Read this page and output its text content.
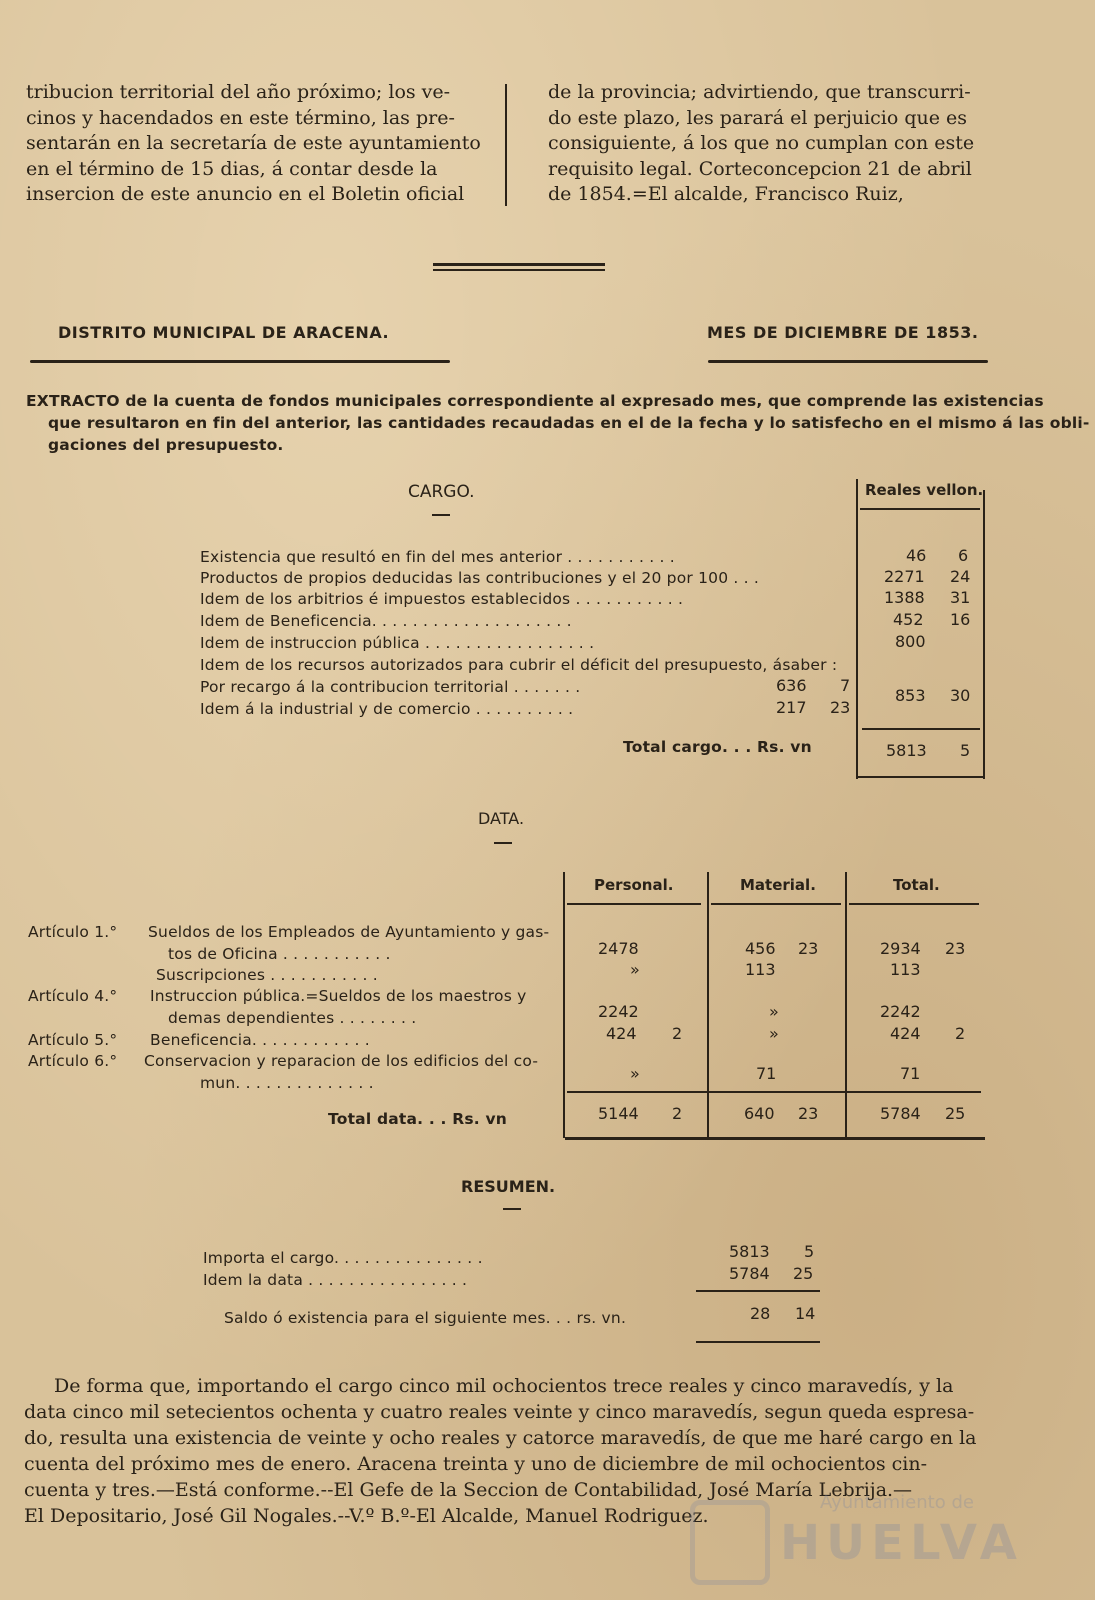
tribucion territorial del año próximo; los ve-
cinos y hacendados en este término, las pre-
sentarán en la secretaría de este ayuntamiento
en el término de 15 dias, á contar desde la
insercion de este anuncio en el Boletin oficial
de la provincia; advirtiendo, que transcurri-
do este plazo, les parará el perjuicio que es
consiguiente, á los que no cumplan con este
requisito legal. Corteconcepcion 21 de abril
de 1854.=El alcalde, Francisco Ruiz,
DISTRITO MUNICIPAL DE ARACENA.	MES DE DICIEMBRE DE 1853.
EXTRACTO de la cuenta de fondos municipales correspondiente al expresado mes, que comprende las existencias
que resultaron en fin del anterior, las cantidades recaudadas en el de la fecha y lo satisfecho en el mismo á las obli-
gaciones del presupuesto.
CARGO.	Reales vellon.
Existencia que resultó en fin del mes anterior . . . . . . . . . . .	46 6
Productos de propios deducidas las contribuciones y el 20 por 100 . . .	2271 24
Idem de los arbitrios é impuestos establecidos . . . . . . . . . . .	1388 31
Idem de Beneficencia. . . . . . . . . . . . . . . . . . . .	452 16
Idem de instruccion pública . . . . . . . . . . . . . . . . .	800
Idem de los recursos autorizados para cubrir el déficit del presupuesto, ásaber :
Por recargo á la contribucion territorial . . . . . . .	636 7
Idem á la industrial y de comercio . . . . . . . . . .	217 23
853 30
Total cargo. . . Rs. vn	5813 5
DATA.
Personal.	Material.	Total.
Artículo 1.° Sueldos de los Empleados de Ayuntamiento y gas-
tos de Oficina . . . . . . . . . . .	2478	456 23	2934 23
Suscripciones . . . . . . . . . . .	»	113	113
Artículo 4.° Instruccion pública.=Sueldos de los maestros y
demas dependientes . . . . . . . .	2242	»	2242
Artículo 5.° Beneficencia. . . . . . . . . . . .	424 2	»	424 2
Artículo 6.° Conservacion y reparacion de los edificios del co-
mun. . . . . . . . . . . . . .	»	71	71
Total data. . . Rs. vn	5144 2	640 23	5784 25
RESUMEN.
Importa el cargo. . . . . . . . . . . . . . .	5813 5
Idem la data . . . . . . . . . . . . . . . .	5784 25
Saldo ó existencia para el siguiente mes. . . rs. vn.	28 14
De forma que, importando el cargo cinco mil ochocientos trece reales y cinco maravedís, y la
data cinco mil setecientos ochenta y cuatro reales veinte y cinco maravedís, segun queda espresa-
do, resulta una existencia de veinte y ocho reales y catorce maravedís, de que me haré cargo en la
cuenta del próximo mes de enero. Aracena treinta y uno de diciembre de mil ochocientos cin-
cuenta y tres.—Está conforme.--El Gefe de la Seccion de Contabilidad, José María Lebrija.—
El Depositario, José Gil Nogales.--V.º B.º-El Alcalde, Manuel Rodriguez.
Ayuntamiento de
HUELVA
